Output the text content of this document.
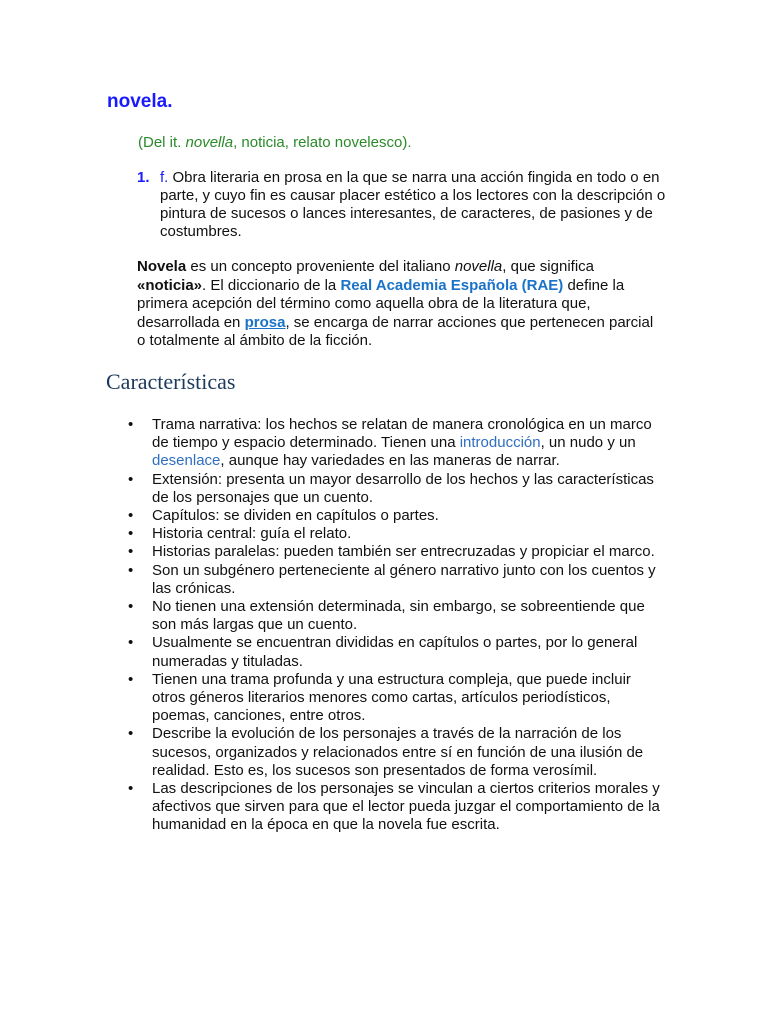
novela.
(Del it. novella, noticia, relato novelesco).
1. f. Obra literaria en prosa en la que se narra una acción fingida en todo o en parte, y cuyo fin es causar placer estético a los lectores con la descripción o pintura de sucesos o lances interesantes, de caracteres, de pasiones y de costumbres.
Novela es un concepto proveniente del italiano novella, que significa «noticia». El diccionario de la Real Academia Española (RAE) define la primera acepción del término como aquella obra de la literatura que, desarrollada en prosa, se encarga de narrar acciones que pertenecen parcial o totalmente al ámbito de la ficción.
Características
• Trama narrativa: los hechos se relatan de manera cronológica en un marco de tiempo y espacio determinado. Tienen una introducción, un nudo y un desenlace, aunque hay variedades en las maneras de narrar.
• Extensión: presenta un mayor desarrollo de los hechos y las características de los personajes que un cuento.
• Capítulos: se dividen en capítulos o partes.
• Historia central: guía el relato.
• Historias paralelas: pueden también ser entrecruzadas y propiciar el marco.
• Son un subgénero perteneciente al género narrativo junto con los cuentos y las crónicas.
• No tienen una extensión determinada, sin embargo, se sobreentiende que son más largas que un cuento.
• Usualmente se encuentran divididas en capítulos o partes, por lo general numeradas y tituladas.
• Tienen una trama profunda y una estructura compleja, que puede incluir otros géneros literarios menores como cartas, artículos periodísticos, poemas, canciones, entre otros.
• Describe la evolución de los personajes a través de la narración de los sucesos, organizados y relacionados entre sí en función de una ilusión de realidad. Esto es, los sucesos son presentados de forma verosímil.
• Las descripciones de los personajes se vinculan a ciertos criterios morales y afectivos que sirven para que el lector pueda juzgar el comportamiento de la humanidad en la época en que la novela fue escrita.
